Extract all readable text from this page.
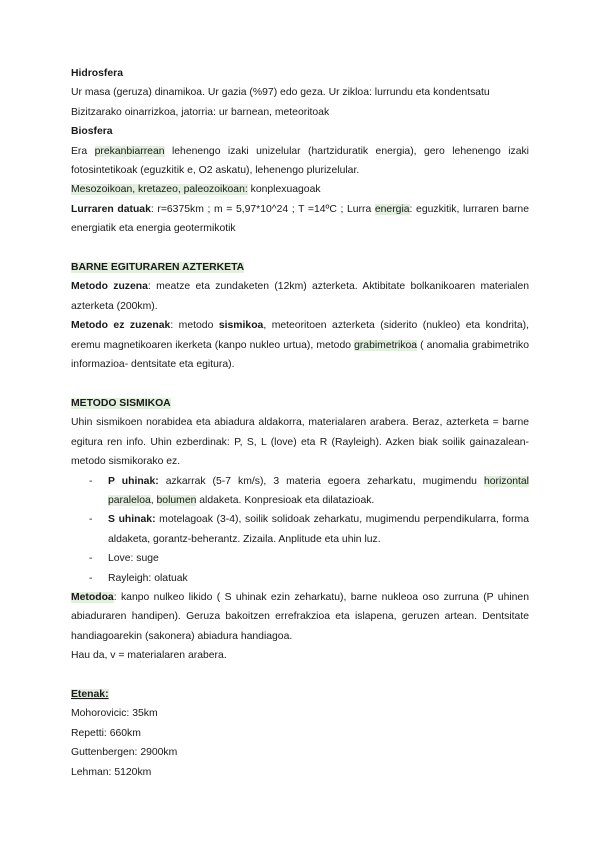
Hidrosfera

Ur masa (geruza) dinamikoa. Ur gazia (%97) edo geza. Ur zikloa: lurrundu eta kondentsatu

Bizitzarako oinarrizkoa, jatorria: ur barnean, meteoritoak

Biosfera

Era prekanbiarrean lehenengo izaki unizelular (hartziduratik energia), gero lehenengo izaki fotosintetikoak (eguzkitik e, O2 askatu), lehenengo plurizelular.

Mesozoikoan, kretazeo, paleozoikoan: konplexuagoak

Lurraren datuak: r=6375km ; m = 5,97*10^24 ; T =14ºC ; Lurra energia: eguzkitik, lurraren barne energiatik eta energia geotermikotik

BARNE EGITURAREN AZTERKETA

Metodo zuzena: meatze eta zundaketen (12km) azterketa. Aktibitate bolkanikoaren materialen azterketa (200km).

Metodo ez zuzenak: metodo sismikoa, meteoritoen azterketa (siderito (nukleo) eta kondrita), eremu magnetikoaren ikerketa (kanpo nukleo urtua), metodo grabimetrikoa ( anomalia grabimetriko informazioa- dentsitate eta egitura).

METODO SISMIKOA

Uhin sismikoen norabidea eta abiadura aldakorra, materialaren arabera. Beraz, azterketa = barne egitura ren info. Uhin ezberdinak: P, S, L (love) eta R (Rayleigh). Azken biak soilik gainazalean- metodo sismikorako ez.

- P uhinak: azkarrak (5-7 km/s), 3 materia egoera zeharkatu, mugimendu horizontal paraleloa, bolumen aldaketa. Konpresioak eta dilatazioak.
- S uhinak: motelagoak (3-4), soilik solidoak zeharkatu, mugimendu perpendikularra, forma aldaketa, gorantz-beherantz. Zizaila. Anplitude eta uhin luz.
- Love: suge
- Rayleigh: olatuak

Metodoa: kanpo nulkeo likido ( S uhinak ezin zeharkatu), barne nukleoa oso zurruna (P uhinen abiaduraren handipen). Geruza bakoitzen errefrakzioa eta islapena, geruzen artean. Dentsitate handiagoarekin (sakonera) abiadura handiagoa.

Hau da, v = materialaren arabera.

Etenak:

Mohorovicic: 35km

Repetti: 660km

Guttenbergen: 2900km

Lehman: 5120km
